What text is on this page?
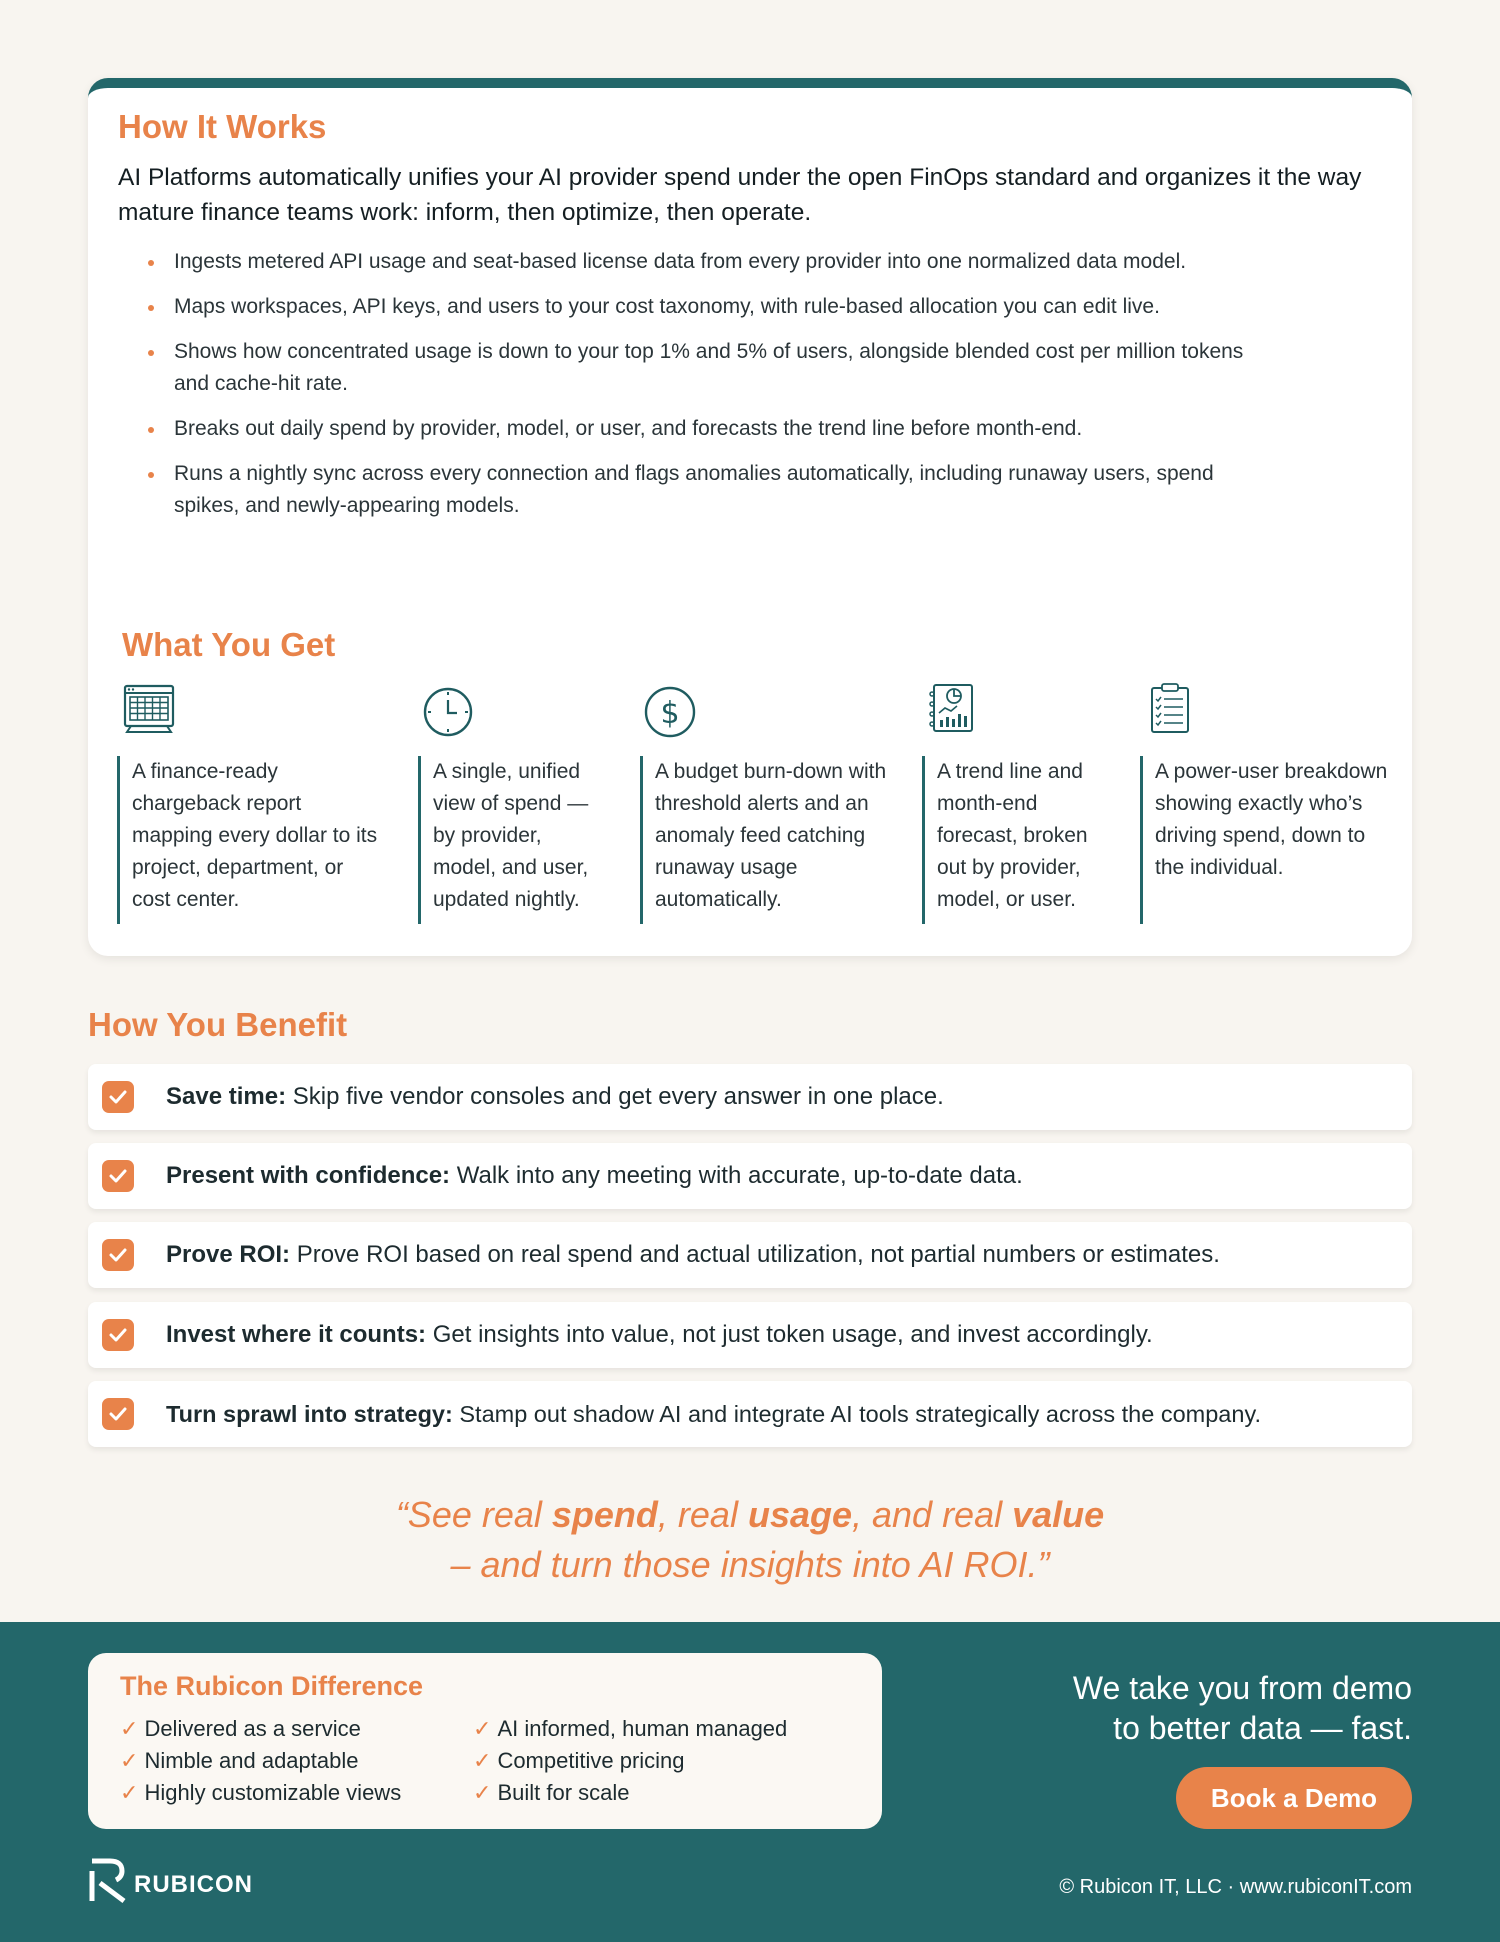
How It Works

AI Platforms automatically unifies your AI provider spend under the open FinOps standard and organizes it the way mature finance teams work: inform, then optimize, then operate.

Ingests metered API usage and seat-based license data from every provider into one normalized data model.
Maps workspaces, API keys, and users to your cost taxonomy, with rule-based allocation you can edit live.
Shows how concentrated usage is down to your top 1% and 5% of users, alongside blended cost per million tokens and cache-hit rate.
Breaks out daily spend by provider, model, or user, and forecasts the trend line before month-end.
Runs a nightly sync across every connection and flags anomalies automatically, including runaway users, spend spikes, and newly-appearing models.
What You Get
A finance-ready chargeback report mapping every dollar to its project, department, or cost center.
A single, unified view of spend — by provider, model, and user, updated nightly.
$
A budget burn-down with threshold alerts and an anomaly feed catching runaway usage automatically.
A trend line and month-end forecast, broken out by provider, model, or user.
A power-user breakdown showing exactly who’s driving spend, down to the individual.
How You Benefit
Save time: Skip five vendor consoles and get every answer in one place.
Present with confidence: Walk into any meeting with accurate, up-to-date data.
Prove ROI: Prove ROI based on real spend and actual utilization, not partial numbers or estimates.
Invest where it counts: Get insights into value, not just token usage, and invest accordingly.
Turn sprawl into strategy: Stamp out shadow AI and integrate AI tools strategically across the company.
“See real spend, real usage, and real value
– and turn those insights into AI ROI.”
The Rubicon Difference
✓ Delivered as a service
✓ Nimble and adaptable
✓ Highly customizable views
✓ AI informed, human managed
✓ Competitive pricing
✓ Built for scale
We take you from demo
to better data — fast.
Book a Demo
RUBICON	© Rubicon IT, LLC · www.rubiconIT.com
